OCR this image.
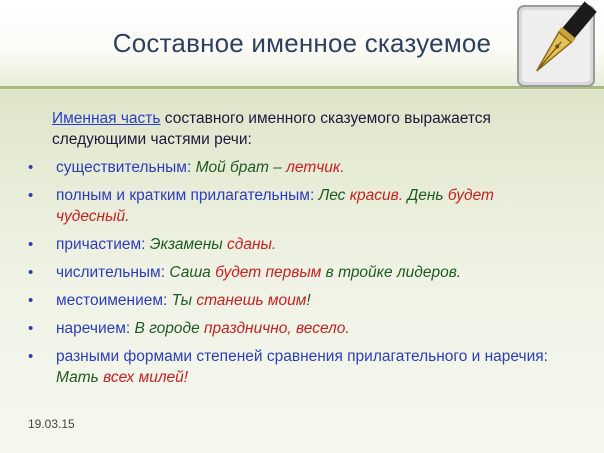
Составное именное сказуемое
Именная часть составного именного сказуемого выражается следующими частями речи:
• существительным: Мой брат – летчик.
• полным и кратким прилагательным: Лес красив. День будет чудесный.
• причастием: Экзамены сданы.
• числительным: Саша будет первым в тройке лидеров.
• местоимением: Ты станешь моим!
• наречием: В городе празднично, весело.
• разными формами степеней сравнения прилагательного и наречия: Мать всех милей!
19.03.15
